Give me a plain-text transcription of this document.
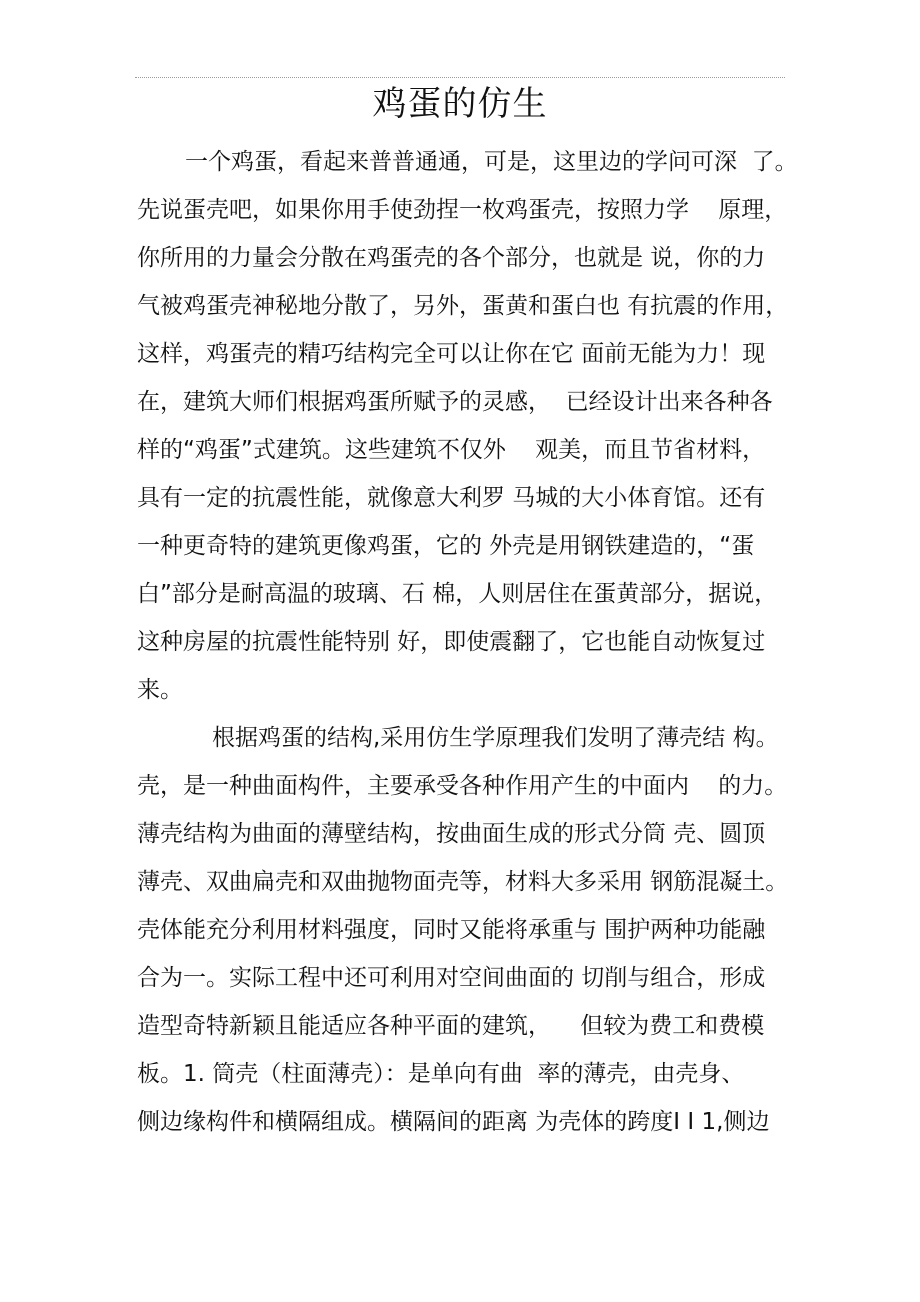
鸡蛋的仿生
一个鸡蛋，看起来普普通通，可是，这里边的学问可深  了。
先说蛋壳吧，如果你用手使劲捏一枚鸡蛋壳，按照力学    原理，
你所用的力量会分散在鸡蛋壳的各个部分，也就是 说，你的力
气被鸡蛋壳神秘地分散了，另外，蛋黄和蛋白也 有抗震的作用，
这样，鸡蛋壳的精巧结构完全可以让你在它 面前无能为力！现
在，建筑大师们根据鸡蛋所赋予的灵感，  已经设计出来各种各
样的“鸡蛋”式建筑。这些建筑不仅外    观美，而且节省材料，
具有一定的抗震性能，就像意大利罗 马城的大小体育馆。还有
一种更奇特的建筑更像鸡蛋，它的 外壳是用钢铁建造的，“蛋
白”部分是耐高温的玻璃、石 棉，人则居住在蛋黄部分，据说，
这种房屋的抗震性能特别 好，即使震翻了，它也能自动恢复过
来。
根据鸡蛋的结构,采用仿生学原理我们发明了薄壳结 构。
壳，是一种曲面构件，主要承受各种作用产生的中面内    的力。
薄壳结构为曲面的薄壁结构，按曲面生成的形式分筒 壳、圆顶
薄壳、双曲扁壳和双曲抛物面壳等，材料大多采用 钢筋混凝土。
壳体能充分利用材料强度，同时又能将承重与 围护两种功能融
合为一。实际工程中还可利用对空间曲面的 切削与组合，形成
造型奇特新颖且能适应各种平面的建筑，    但较为费工和费模
板。1. 筒壳（柱面薄壳）：是单向有曲  率的薄壳，由壳身、
侧边缘构件和横隔组成。横隔间的距离 为壳体的跨度I I 1,侧边
